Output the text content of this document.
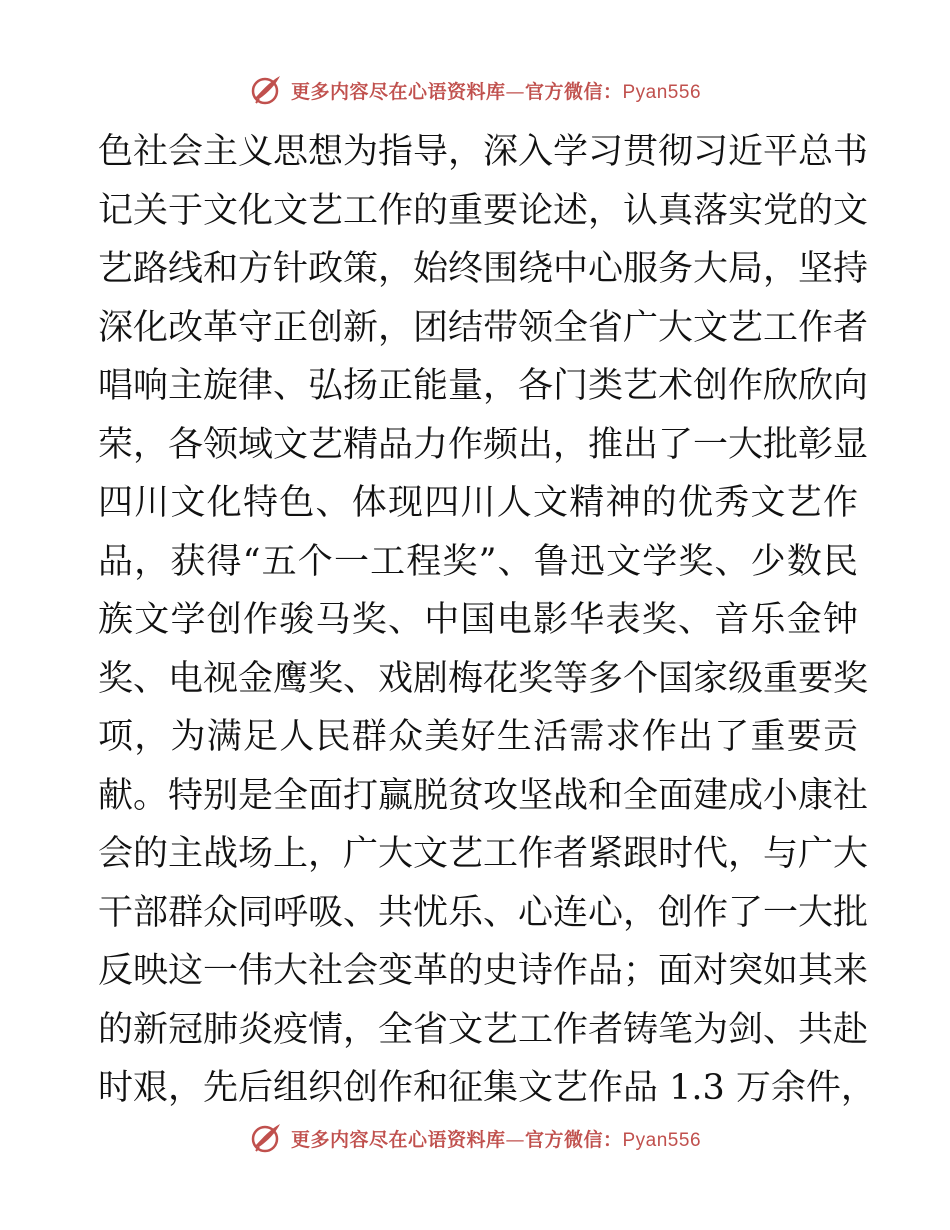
更多内容尽在心语资料库—官方微信：Pyan556
色社会主义思想为指导，深入学习贯彻习近平总书
记关于文化文艺工作的重要论述，认真落实党的文
艺路线和方针政策，始终围绕中心服务大局，坚持
深化改革守正创新，团结带领全省广大文艺工作者
唱响主旋律、弘扬正能量，各门类艺术创作欣欣向
荣，各领域文艺精品力作频出，推出了一大批彰显
四川文化特色、体现四川人文精神的优秀文艺作
品，获得“五个一工程奖”、鲁迅文学奖、少数民
族文学创作骏马奖、中国电影华表奖、音乐金钟
奖、电视金鹰奖、戏剧梅花奖等多个国家级重要奖
项，为满足人民群众美好生活需求作出了重要贡
献。特别是全面打赢脱贫攻坚战和全面建成小康社
会的主战场上，广大文艺工作者紧跟时代，与广大
干部群众同呼吸、共忧乐、心连心，创作了一大批
反映这一伟大社会变革的史诗作品；面对突如其来
的新冠肺炎疫情，全省文艺工作者铸笔为剑、共赴
时艰，先后组织创作和征集文艺作品 1.3 万余件，
更多内容尽在心语资料库—官方微信：Pyan556
